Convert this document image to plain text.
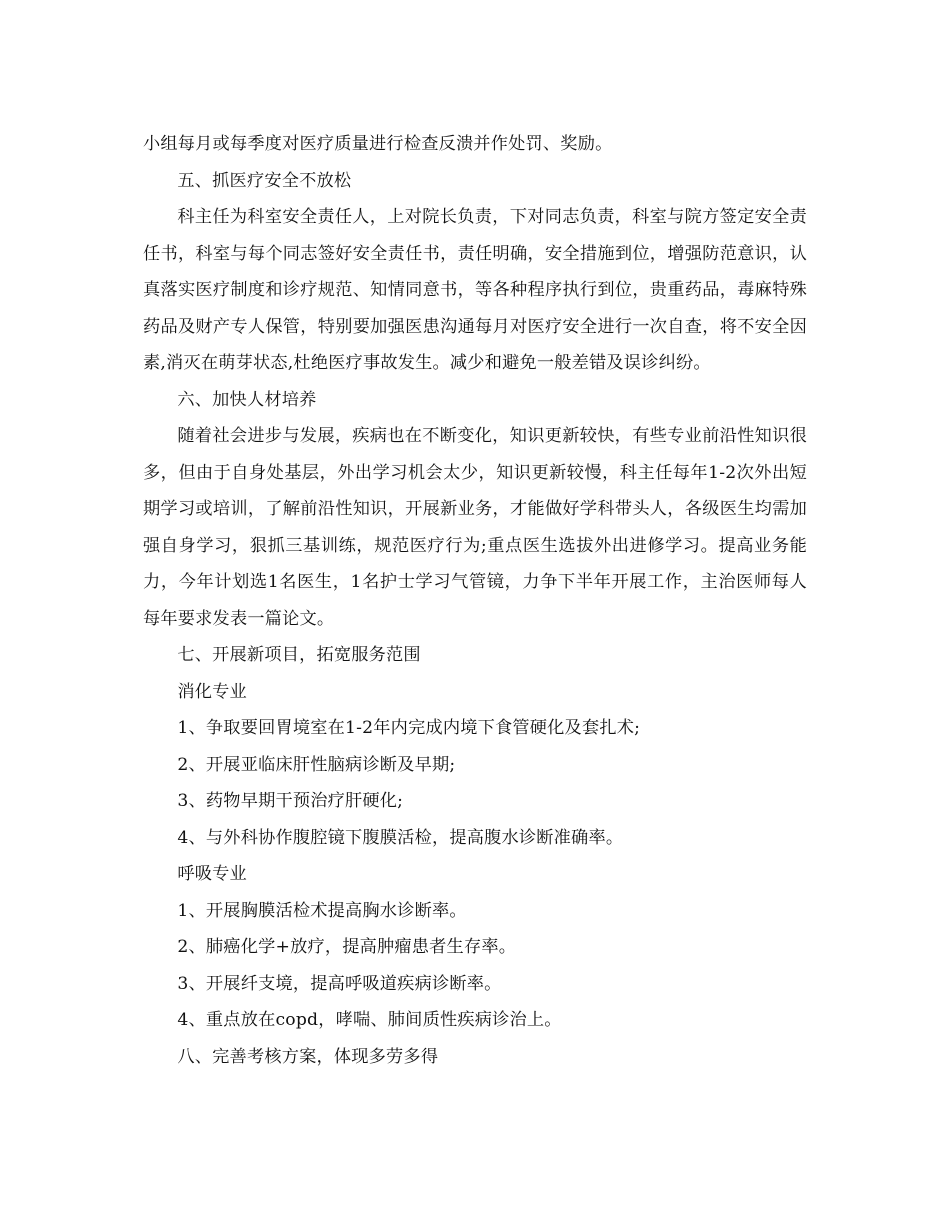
小组每月或每季度对医疗质量进行检查反溃并作处罚、奖励。

五、抓医疗安全不放松

科主任为科室安全责任人，上对院长负责，下对同志负责，科室与院方签定安全责任书，科室与每个同志签好安全责任书，责任明确，安全措施到位，增强防范意识，认真落实医疗制度和诊疗规范、知情同意书，等各种程序执行到位，贵重药品，毒麻特殊药品及财产专人保管，特别要加强医患沟通每月对医疗安全进行一次自查，将不安全因素,消灭在萌芽状态,杜绝医疗事故发生。减少和避免一般差错及误诊纠纷。

六、加快人材培养

随着社会进步与发展，疾病也在不断变化，知识更新较快，有些专业前沿性知识很多，但由于自身处基层，外出学习机会太少，知识更新较慢，科主任每年1-2次外出短期学习或培训，了解前沿性知识，开展新业务，才能做好学科带头人，各级医生均需加强自身学习，狠抓三基训练，规范医疗行为;重点医生选拔外出进修学习。提高业务能力，今年计划选1名医生，1名护士学习气管镜，力争下半年开展工作，主治医师每人每年要求发表一篇论文。

七、开展新项目，拓宽服务范围

消化专业

1、争取要回胃境室在1-2年内完成内境下食管硬化及套扎术;

2、开展亚临床肝性脑病诊断及早期;

3、药物早期干预治疗肝硬化;

4、与外科协作腹腔镜下腹膜活检，提高腹水诊断准确率。

呼吸专业

1、开展胸膜活检术提高胸水诊断率。

2、肺癌化学+放疗，提高肿瘤患者生存率。

3、开展纤支境，提高呼吸道疾病诊断率。

4、重点放在copd，哮喘、肺间质性疾病诊治上。

八、完善考核方案，体现多劳多得
